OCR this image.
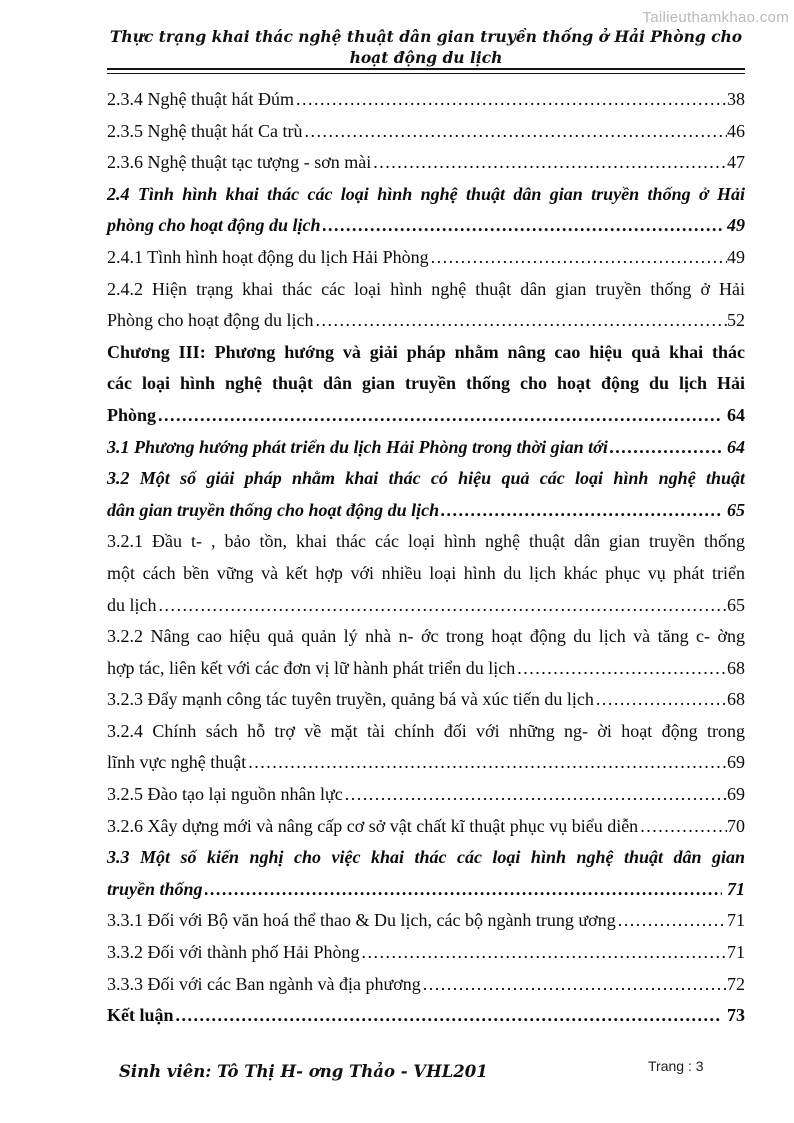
Tailieuthamkhao.com
Thực trạng khai thác nghệ thuật dân gian truyền thống ở Hải Phòng cho
hoạt động du lịch
2.3.4 Nghệ thuật hát Đúm .....	38
2.3.5 Nghệ thuật hát Ca trù .....	46
2.3.6 Nghệ thuật tạc tượng - sơn mài .....	47
2.4 Tình hình khai thác các loại hình nghệ thuật dân gian truyền thống ở Hải
phòng cho hoạt động du lịch .....	49
2.4.1 Tình hình hoạt động du lịch Hải Phòng .....	49
2.4.2 Hiện trạng khai thác các loại hình nghệ thuật dân gian truyền thống ở Hải
Phòng cho hoạt động du lịch .....	52
Chương III: Phương hướng và giải pháp nhằm nâng cao hiệu quả khai thác
các loại hình nghệ thuật dân gian truyền thống cho hoạt động du lịch Hải
Phòng .....	64
3.1 Phương hướng phát triển du lịch Hải Phòng trong thời gian tới .....	64
3.2 Một số giải pháp nhằm khai thác có hiệu quả các loại hình nghệ thuật
dân gian truyền thống cho hoạt động du lịch .....	65
3.2.1 Đầu t- , bảo tồn, khai thác các loại hình nghệ thuật dân gian truyền thống
một cách bền vững và kết hợp với nhiều loại hình du lịch khác phục vụ phát triển
du lịch .....	65
3.2.2 Nâng cao hiệu quả quản lý nhà n- ớc trong hoạt động du lịch và tăng c- ờng
hợp tác, liên kết với các đơn vị lữ hành phát triển du lịch .....	68
3.2.3 Đẩy mạnh công tác tuyên truyền, quảng bá và xúc tiến du lịch .....	68
3.2.4 Chính sách hỗ trợ về mặt tài chính đối với những ng- ời hoạt động trong
lĩnh vực nghệ thuật .....	69
3.2.5 Đào tạo lại nguồn nhân lực .....	69
3.2.6 Xây dựng mới và nâng cấp cơ sở vật chất kĩ thuật phục vụ biểu diễn .....	70
3.3 Một số kiến nghị cho việc khai thác các loại hình nghệ thuật dân gian
truyền thống .....	71
3.3.1 Đối với Bộ văn hoá thể thao & Du lịch, các bộ ngành trung ương .....	71
3.3.2 Đối với thành phố Hải Phòng .....	71
3.3.3 Đối với các Ban ngành và địa phương .....	72
Kết luận .....	73
Sinh viên: Tô Thị H- ơng Thảo - VHL201	Trang : 3
